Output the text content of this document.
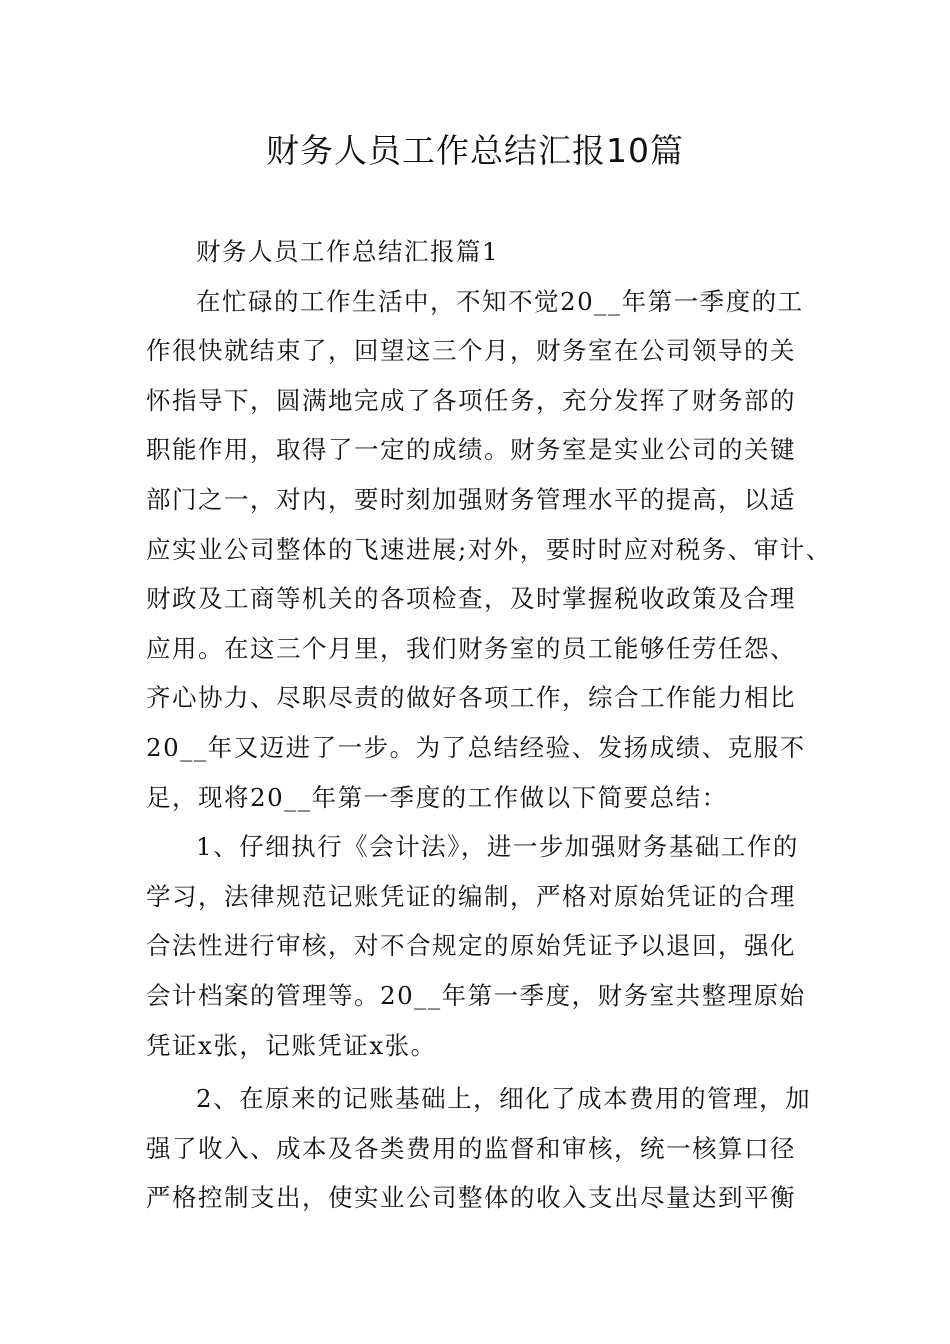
财务人员工作总结汇报10篇
财务人员工作总结汇报篇1
在忙碌的工作生活中，不知不觉20__年第一季度的工
作很快就结束了，回望这三个月，财务室在公司领导的关
怀指导下，圆满地完成了各项任务，充分发挥了财务部的
职能作用，取得了一定的成绩。财务室是实业公司的关键
部门之一，对内，要时刻加强财务管理水平的提高，以适
应实业公司整体的飞速进展;对外，要时时应对税务、审计、
财政及工商等机关的各项检查，及时掌握税收政策及合理
应用。在这三个月里，我们财务室的员工能够任劳任怨、
齐心协力、尽职尽责的做好各项工作，综合工作能力相比
20__年又迈进了一步。为了总结经验、发扬成绩、克服不
足，现将20__年第一季度的工作做以下简要总结：
1、仔细执行《会计法》，进一步加强财务基础工作的
学习，法律规范记账凭证的编制，严格对原始凭证的合理
合法性进行审核，对不合规定的原始凭证予以退回，强化
会计档案的管理等。20__年第一季度，财务室共整理原始
凭证x张，记账凭证x张。
2、在原来的记账基础上，细化了成本费用的管理，加
强了收入、成本及各类费用的监督和审核，统一核算口径
严格控制支出，使实业公司整体的收入支出尽量达到平衡
